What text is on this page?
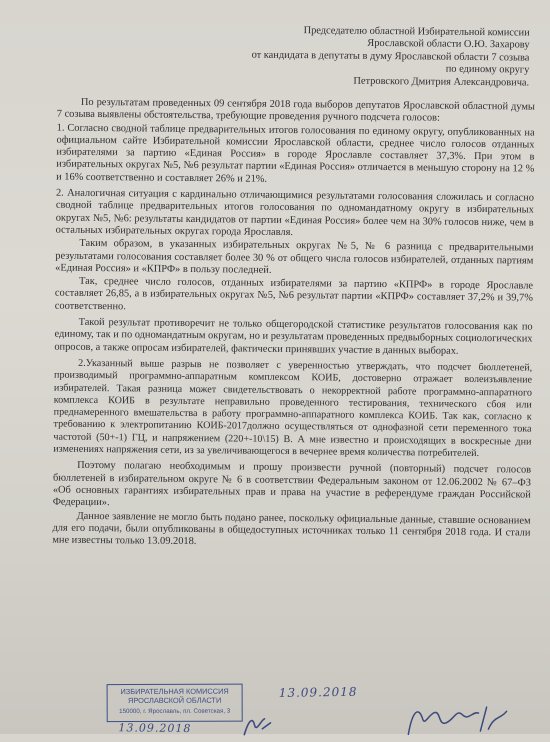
Председателю областной Избирательной комиссии
Ярославской области О.Ю. Захарову
от кандидата в депутаты в думу Ярославской области 7 созыва
по единому округу
Петровского Дмитрия Александровича.

По результатам проведенных 09 сентября 2018 года выборов депутатов Ярославской областной думы 7 созыва выявлены обстоятельства, требующие проведения ручного подсчета голосов:

1. Согласно сводной таблице предварительных итогов голосования по единому округу, опубликованных на официальном сайте Избирательной комиссии Ярославской области, среднее число голосов отданных избирателями за партию «Единая Россия» в городе Ярославле составляет 37,3%. При этом в избирательных округах №5, №6 результат партии «Единая Россия» отличается в меньшую сторону на 12 % и 16% соответственно и составляет 26% и 21%.

2. Аналогичная ситуация с кардинально отличающимися результатами голосования сложилась и согласно сводной таблице предварительных итогов голосования по одномандатному округу в избирательных округах №5, №6: результаты кандидатов от партии «Единая Россия» более чем на 30% голосов ниже, чем в остальных избирательных округах города Ярославля.

Таким образом, в указанных избирательных округах №5, № 6 разница с предварительными результатами голосования составляет более 30 % от общего числа голосов избирателей, отданных партиям «Единая Россия» и «КПРФ» в пользу последней.

Так, среднее число голосов, отданных избирателями за партию «КПРФ» в городе Ярославле составляет 26,85, а в избирательных округах №5, №6 результат партии «КПРФ» составляет 37,2% и 39,7% соответственно.

Такой результат противоречит не только общегородской статистике результатов голосования как по единому, так и по одномандатным округам, но и результатам проведенных предвыборных социологических опросов, а также опросам избирателей, фактически принявших участие в данных выборах.

2.Указанный выше разрыв не позволяет с уверенностью утверждать, что подсчет бюллетеней, производимый программно-аппаратным комплексом КОИБ, достоверно отражает волеизъявление избирателей. Такая разница может свидетельствовать о некорректной работе программно-аппаратного комплекса КОИБ в результате неправильно проведенного тестирования, технического сбоя или преднамеренного вмешательства в работу программно-аппаратного комплекса КОИБ. Так как, согласно к требованию к электропитанию КОИБ-2017должно осуществляться от однофазной сети переменного тока частотой (50+-1) ГЦ, и напряжением (220+-10\15) В. А мне известно и происходящих в воскресные дни изменениях напряжения сети, из за увеличивающегося в вечернее время количества потребителей.

Поэтому полагаю необходимым и прошу произвести ручной (повторный) подсчет голосов бюллетеней в избирательном округе № 6 в соответствии Федеральным законом от 12.06.2002 № 67–ФЗ «Об основных гарантиях избирательных прав и права на участие в референдуме граждан Российской Федерации».

Данное заявление не могло быть подано ранее, поскольку официальные данные, ставшие основанием для его подачи, были опубликованы в общедоступных источниках только 11 сентября 2018 года. И стали мне известны только 13.09.2018.

ИЗБИРАТЕЛЬНАЯ КОМИССИЯ
ЯРОСЛАВСКОЙ ОБЛАСТИ
150000, г. Ярославль, пл. Советская, 3
13.09.2018
13.09.2018
